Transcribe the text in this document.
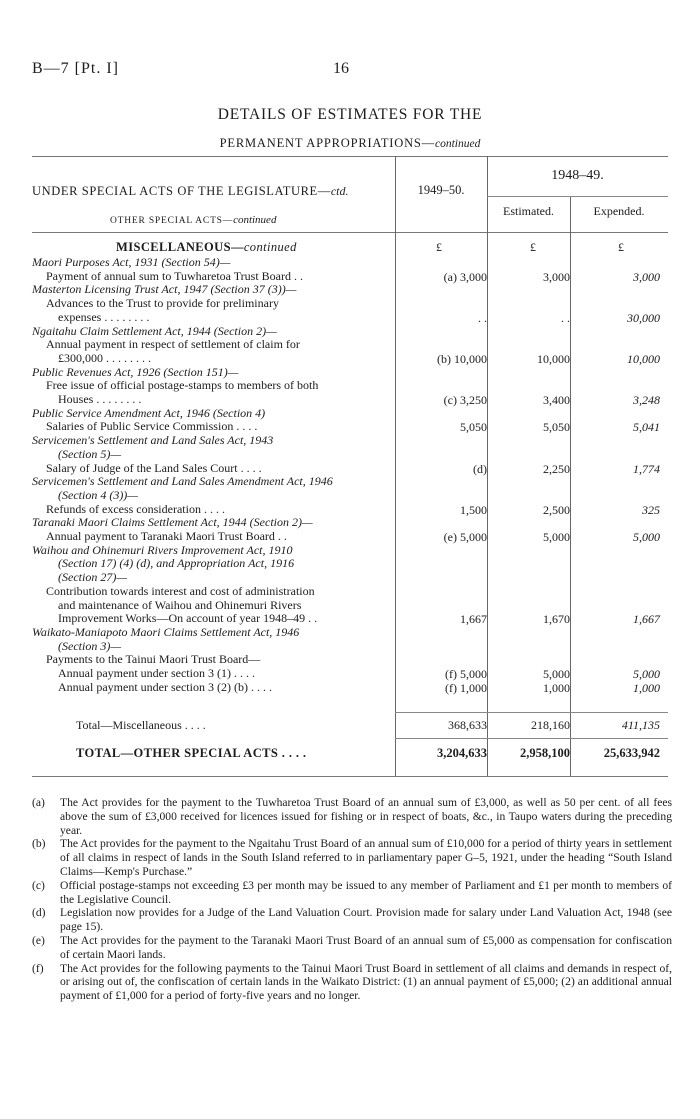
B—7 [Pt. I]	16
DETAILS OF ESTIMATES FOR THE
PERMANENT APPROPRIATIONS—continued
UNDER SPECIAL ACTS OF THE LEGISLATURE—ctd.
OTHER SPECIAL ACTS—continued
1949–50.
1948–49.
Estimated.	Expended.
MISCELLANEOUS—continued	£	£	£
Maori Purposes Act, 1931 (Section 54)—
Payment of annual sum to Tuwharetoa Trust Board . .	(a) 3,000	3,000	3,000
Masterton Licensing Trust Act, 1947 (Section 37 (3))—
Advances to the Trust to provide for preliminary
expenses . . . . . . . .	. .	. .	30,000
Ngaitahu Claim Settlement Act, 1944 (Section 2)—
Annual payment in respect of settlement of claim for
£300,000 . . . . . . . .	(b) 10,000	10,000	10,000
Public Revenues Act, 1926 (Section 151)—
Free issue of official postage-stamps to members of both
Houses . . . . . . . .	(c) 3,250	3,400	3,248
Public Service Amendment Act, 1946 (Section 4)
Salaries of Public Service Commission . . . .	5,050	5,050	5,041
Servicemen's Settlement and Land Sales Act, 1943
(Section 5)—
Salary of Judge of the Land Sales Court . . . .	(d)	2,250	1,774
Servicemen's Settlement and Land Sales Amendment Act, 1946
(Section 4 (3))—
Refunds of excess consideration . . . .	1,500	2,500	325
Taranaki Maori Claims Settlement Act, 1944 (Section 2)—
Annual payment to Taranaki Maori Trust Board . .	(e) 5,000	5,000	5,000
Waihou and Ohinemuri Rivers Improvement Act, 1910
(Section 17) (4) (d), and Appropriation Act, 1916
(Section 27)—
Contribution towards interest and cost of administration
and maintenance of Waihou and Ohinemuri Rivers
Improvement Works—On account of year 1948–49 . .	1,667	1,670	1,667
Waikato-Maniapoto Maori Claims Settlement Act, 1946
(Section 3)—
Payments to the Tainui Maori Trust Board—
Annual payment under section 3 (1) . . . .	(f) 5,000	5,000	5,000
Annual payment under section 3 (2) (b) . . . .	(f) 1,000	1,000	1,000
Total—Miscellaneous . . . .	368,633	218,160	411,135
TOTAL—OTHER SPECIAL ACTS . . . .	3,204,633	2,958,100	25,633,942
(a) The Act provides for the payment to the Tuwharetoa Trust Board of an annual sum of £3,000, as well as 50 per cent. of all fees above the sum of £3,000 received for licences issued for fishing or in respect of boats, &c., in Taupo waters during the preceding year.
(b) The Act provides for the payment to the Ngaitahu Trust Board of an annual sum of £10,000 for a period of thirty years in settlement of all claims in respect of lands in the South Island referred to in parliamentary paper G–5, 1921, under the heading “South Island Claims—Kemp's Purchase.”
(c) Official postage-stamps not exceeding £3 per month may be issued to any member of Parliament and £1 per month to members of the Legislative Council.
(d) Legislation now provides for a Judge of the Land Valuation Court. Provision made for salary under Land Valuation Act, 1948 (see page 15).
(e) The Act provides for the payment to the Taranaki Maori Trust Board of an annual sum of £5,000 as compensation for confiscation of certain Maori lands.
(f) The Act provides for the following payments to the Tainui Maori Trust Board in settlement of all claims and demands in respect of, or arising out of, the confiscation of certain lands in the Waikato District: (1) an annual payment of £5,000; (2) an additional annual payment of £1,000 for a period of forty-five years and no longer.
